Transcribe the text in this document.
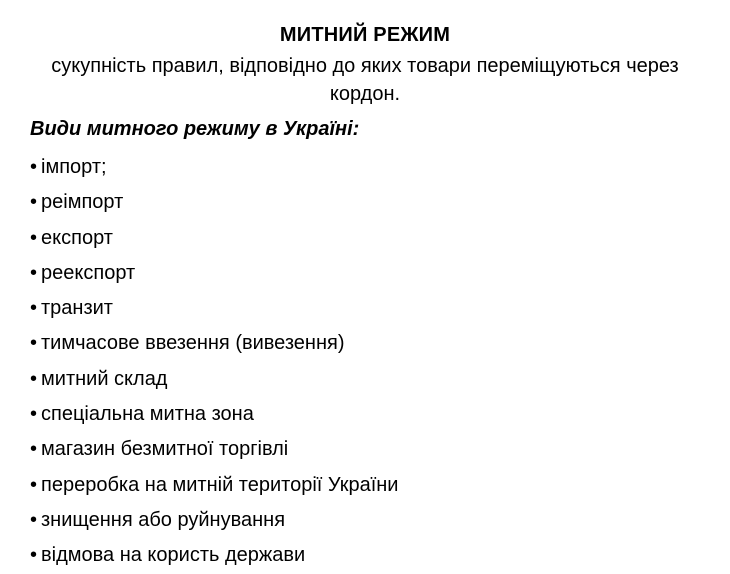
МИТНИЙ РЕЖИМ
сукупність правил, відповідно до яких товари переміщуються через кордон.
Види митного режиму в Україні:
• імпорт;
• реімпорт
• експорт
• реекспорт
• транзит
• тимчасове ввезення (вивезення)
• митний склад
• спеціальна митна зона
• магазин безмитної торгівлі
• переробка на митній території України
• знищення або руйнування
• відмова на користь держави
